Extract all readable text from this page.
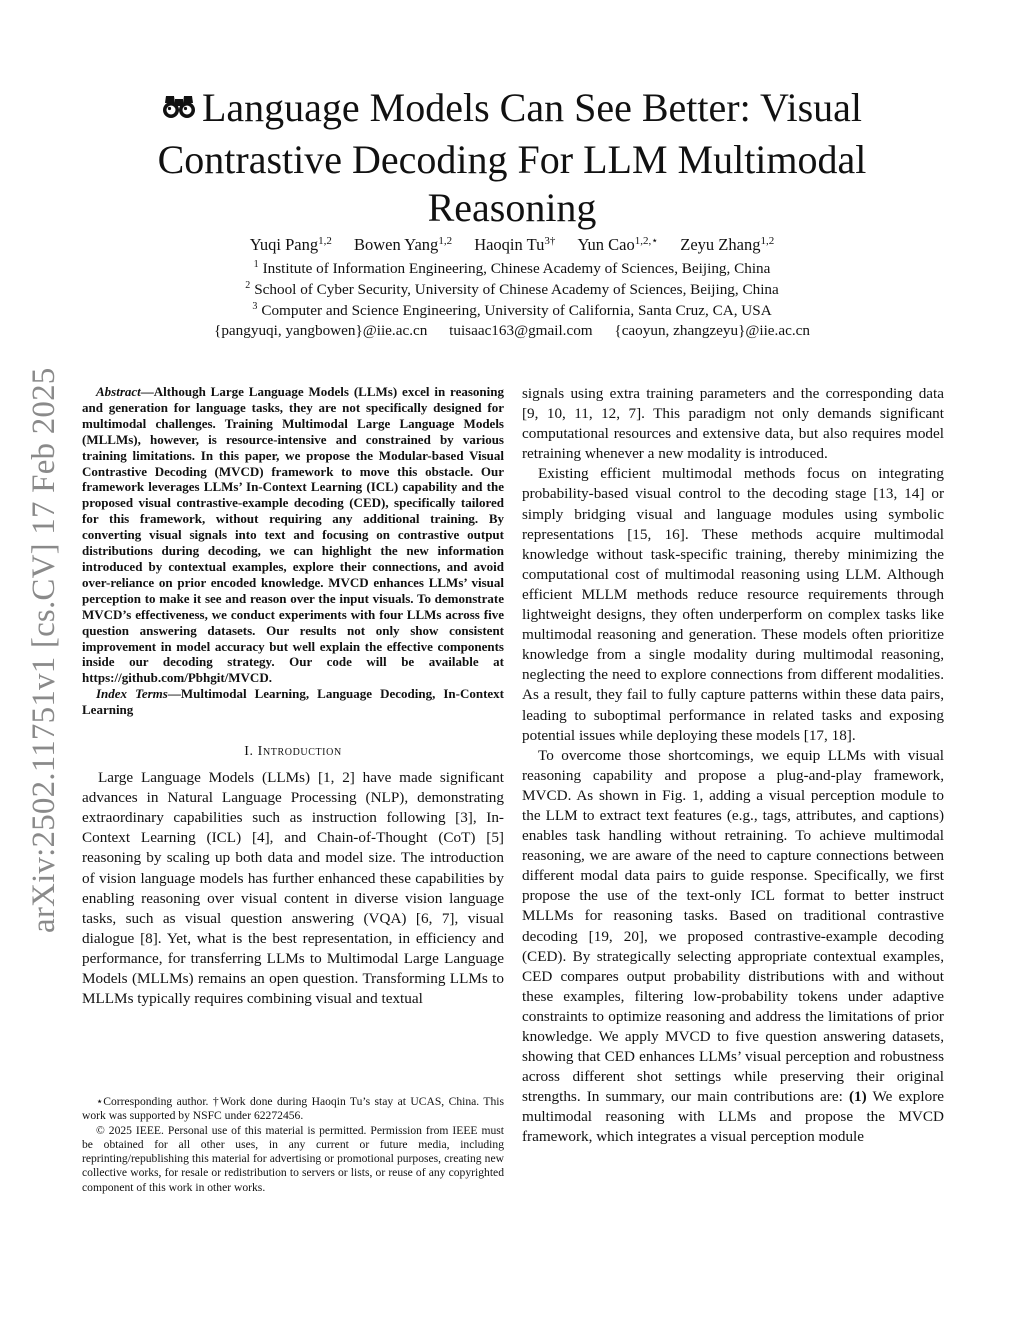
arXiv:2502.11751v1 [cs.CV] 17 Feb 2025
Language Models Can See Better: Visual Contrastive Decoding For LLM Multimodal Reasoning
Yuqi Pang$^{1,2}$ Bowen Yang$^{1,2}$ Haoqin $Tu^{3\dagger}$ Yun Cao$^{1,2,⋆}$ Zeyu Zhang$^{1,2}$
$^1$ Institute of Information Engineering, Chinese Academy of Sciences, Beijing, China
$^2$ School of Cyber Security, University of Chinese Academy of Sciences, Beijing, China
$^3$ Computer and Science Engineering, University of California, Santa Cruz, CA, USA
{pangyuqi, yangbowen}@iie.ac.cn tuisaac163@gmail.com {caoyun, zhangzeyu}@iie.ac.cn

Abstract—Although Large Language Models (LLMs) excel in reasoning and generation for language tasks, they are not specifically designed for multimodal challenges. Training Multimodal Large Language Models (MLLMs), however, is resource-intensive and constrained by various training limitations. In this paper, we propose the Modular-based Visual Contrastive Decoding (MVCD) framework to move this obstacle. Our framework leverages LLMs’ In-Context Learning (ICL) capability and the proposed visual contrastive-example decoding (CED), specifically tailored for this framework, without requiring any additional training. By converting visual signals into text and focusing on contrastive output distributions during decoding, we can highlight the new information introduced by contextual examples, explore their connections, and avoid over-reliance on prior encoded knowledge. MVCD enhances LLMs’ visual perception to make it see and reason over the input visuals. To demonstrate MVCD’s effectiveness, we conduct experiments with four LLMs across five question answering datasets. Our results not only show consistent improvement in model accuracy but well explain the effective components inside our decoding strategy. Our code will be available at https://github.com/Pbhgit/MVCD.

Index Terms—Multimodal Learning, Language Decoding, In-Context Learning

I. Introduction

Large Language Models (LLMs) [1, 2] have made significant advances in Natural Language Processing (NLP), demonstrating extraordinary capabilities such as instruction following [3], In-Context Learning (ICL) [4], and Chain-of-Thought (CoT) [5] reasoning by scaling up both data and model size. The introduction of vision language models has further enhanced these capabilities by enabling reasoning over visual content in diverse vision language tasks, such as visual question answering (VQA) [6, 7], visual dialogue [8]. Yet, what is the best representation, in efficiency and performance, for transferring LLMs to Multimodal Large Language Models (MLLMs) remains an open question. Transforming LLMs to MLLMs typically requires combining visual and textual

⋆Corresponding author. †Work done during Haoqin Tu’s stay at UCAS, China. This work was supported by NSFC under 62272456.

© 2025 IEEE. Personal use of this material is permitted. Permission from IEEE must be obtained for all other uses, in any current or future media, including reprinting/republishing this material for advertising or promotional purposes, creating new collective works, for resale or redistribution to servers or lists, or reuse of any copyrighted component of this work in other works.

signals using extra training parameters and the corresponding data [9, 10, 11, 12, 7]. This paradigm not only demands significant computational resources and extensive data, but also requires model retraining whenever a new modality is introduced.

Existing efficient multimodal methods focus on integrating probability-based visual control to the decoding stage [13, 14] or simply bridging visual and language modules using symbolic representations [15, 16]. These methods acquire multimodal knowledge without task-specific training, thereby minimizing the computational cost of multimodal reasoning using LLM. Although efficient MLLM methods reduce resource requirements through lightweight designs, they often underperform on complex tasks like multimodal reasoning and generation. These models often prioritize knowledge from a single modality during multimodal reasoning, neglecting the need to explore connections from different modalities. As a result, they fail to fully capture patterns within these data pairs, leading to suboptimal performance in related tasks and exposing potential issues while deploying these models [17, 18].

To overcome those shortcomings, we equip LLMs with visual reasoning capability and propose a plug-and-play framework, MVCD. As shown in Fig. 1, adding a visual perception module to the LLM to extract text features (e.g., tags, attributes, and captions) enables task handling without retraining. To achieve multimodal reasoning, we are aware of the need to capture connections between different modal data pairs to guide response. Specifically, we first propose the use of the text-only ICL format to better instruct MLLMs for reasoning tasks. Based on traditional contrastive decoding [19, 20], we proposed contrastive-example decoding (CED). By strategically selecting appropriate contextual examples, CED compares output probability distributions with and without these examples, filtering low-probability tokens under adaptive constraints to optimize reasoning and address the limitations of prior knowledge. We apply MVCD to five question answering datasets, showing that CED enhances LLMs’ visual perception and robustness across different shot settings while preserving their original strengths. In summary, our main contributions are: (1) We explore multimodal reasoning with LLMs and propose the MVCD framework, which integrates a visual perception module
